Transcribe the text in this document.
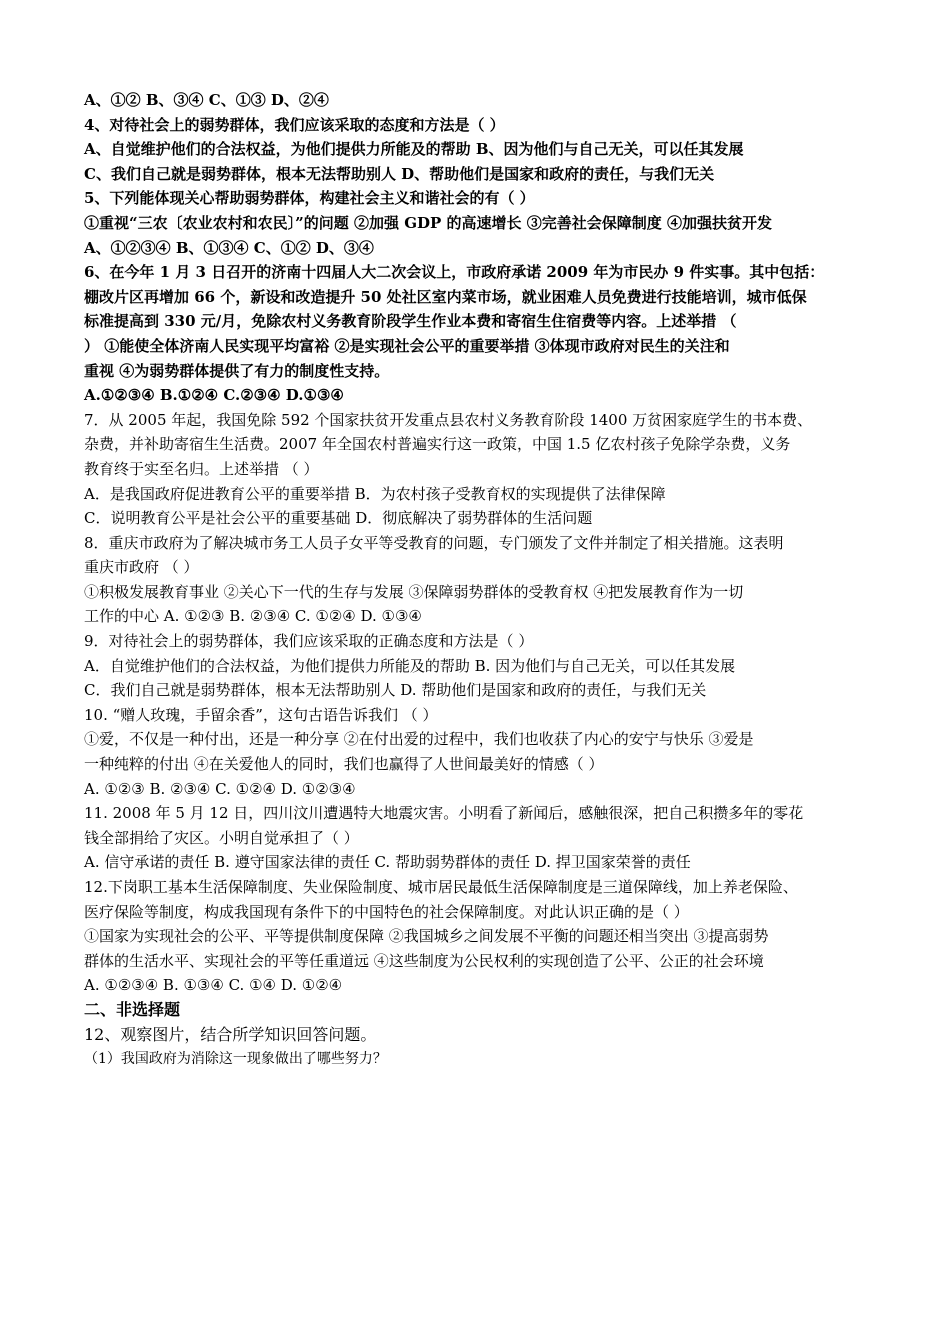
A、①② B、③④ C、①③ D、②④
4、对待社会上的弱势群体，我们应该采取的态度和方法是（ ）
A、自觉维护他们的合法权益，为他们提供力所能及的帮助 B、因为他们与自己无关，可以任其发展
C、我们自己就是弱势群体，根本无法帮助别人 D、帮助他们是国家和政府的责任，与我们无关
5、下列能体现关心帮助弱势群体，构建社会主义和谐社会的有（ ）
①重视“三农〔农业农村和农民〕”的问题 ②加强 GDP 的高速增长 ③完善社会保障制度 ④加强扶贫开发
A、①②③④ B、①③④ C、①② D、③④
6、在今年 1 月 3 日召开的济南十四届人大二次会议上，市政府承诺 2009 年为市民办 9 件实事。其中包括：
棚改片区再增加 66 个，新设和改造提升 50 处社区室内菜市场，就业困难人员免费进行技能培训，城市低保
标准提高到 330 元/月，免除农村义务教育阶段学生作业本费和寄宿生住宿费等内容。上述举措 （
） ①能使全体济南人民实现平均富裕 ②是实现社会公平的重要举措 ③体现市政府对民生的关注和
重视 ④为弱势群体提供了有力的制度性支持。
A.①②③④ B.①②④ C.②③④ D.①③④
7．从 2005 年起，我国免除 592 个国家扶贫开发重点县农村义务教育阶段 1400 万贫困家庭学生的书本费、
杂费，并补助寄宿生生活费。2007 年全国农村普遍实行这一政策，中国 1.5 亿农村孩子免除学杂费，义务
教育终于实至名归。上述举措 （ ）
A．是我国政府促进教育公平的重要举措 B．为农村孩子受教育权的实现提供了法律保障
C．说明教育公平是社会公平的重要基础 D．彻底解决了弱势群体的生活问题
8．重庆市政府为了解决城市务工人员子女平等受教育的问题，专门颁发了文件并制定了相关措施。这表明
重庆市政府 （ ）
①积极发展教育事业 ②关心下一代的生存与发展 ③保障弱势群体的受教育权 ④把发展教育作为一切
工作的中心 A. ①②③ B. ②③④ C. ①②④ D. ①③④
9．对待社会上的弱势群体，我们应该采取的正确态度和方法是（ ）
A．自觉维护他们的合法权益，为他们提供力所能及的帮助 B. 因为他们与自己无关，可以任其发展
C．我们自己就是弱势群体，根本无法帮助别人 D. 帮助他们是国家和政府的责任，与我们无关
10. “赠人玫瑰，手留余香”，这句古语告诉我们 （ ）
①爱，不仅是一种付出，还是一种分享 ②在付出爱的过程中，我们也收获了内心的安宁与快乐 ③爱是
一种纯粹的付出 ④在关爱他人的同时，我们也赢得了人世间最美好的情感（ ）
A. ①②③ B. ②③④ C. ①②④ D. ①②③④
11. 2008 年 5 月 12 日，四川汶川遭遇特大地震灾害。小明看了新闻后，感触很深，把自己积攒多年的零花
钱全部捐给了灾区。小明自觉承担了（ ）
A. 信守承诺的责任 B. 遵守国家法律的责任 C. 帮助弱势群体的责任 D. 捍卫国家荣誉的责任
12.下岗职工基本生活保障制度、失业保险制度、城市居民最低生活保障制度是三道保障线，加上养老保险、
医疗保险等制度，构成我国现有条件下的中国特色的社会保障制度。对此认识正确的是（ ）
①国家为实现社会的公平、平等提供制度保障 ②我国城乡之间发展不平衡的问题还相当突出 ③提高弱势
群体的生活水平、实现社会的平等任重道远 ④这些制度为公民权利的实现创造了公平、公正的社会环境
A. ①②③④ B. ①③④ C. ①④ D. ①②④
二、非选择题
12、观察图片，结合所学知识回答问题。
（1）我国政府为消除这一现象做出了哪些努力？
